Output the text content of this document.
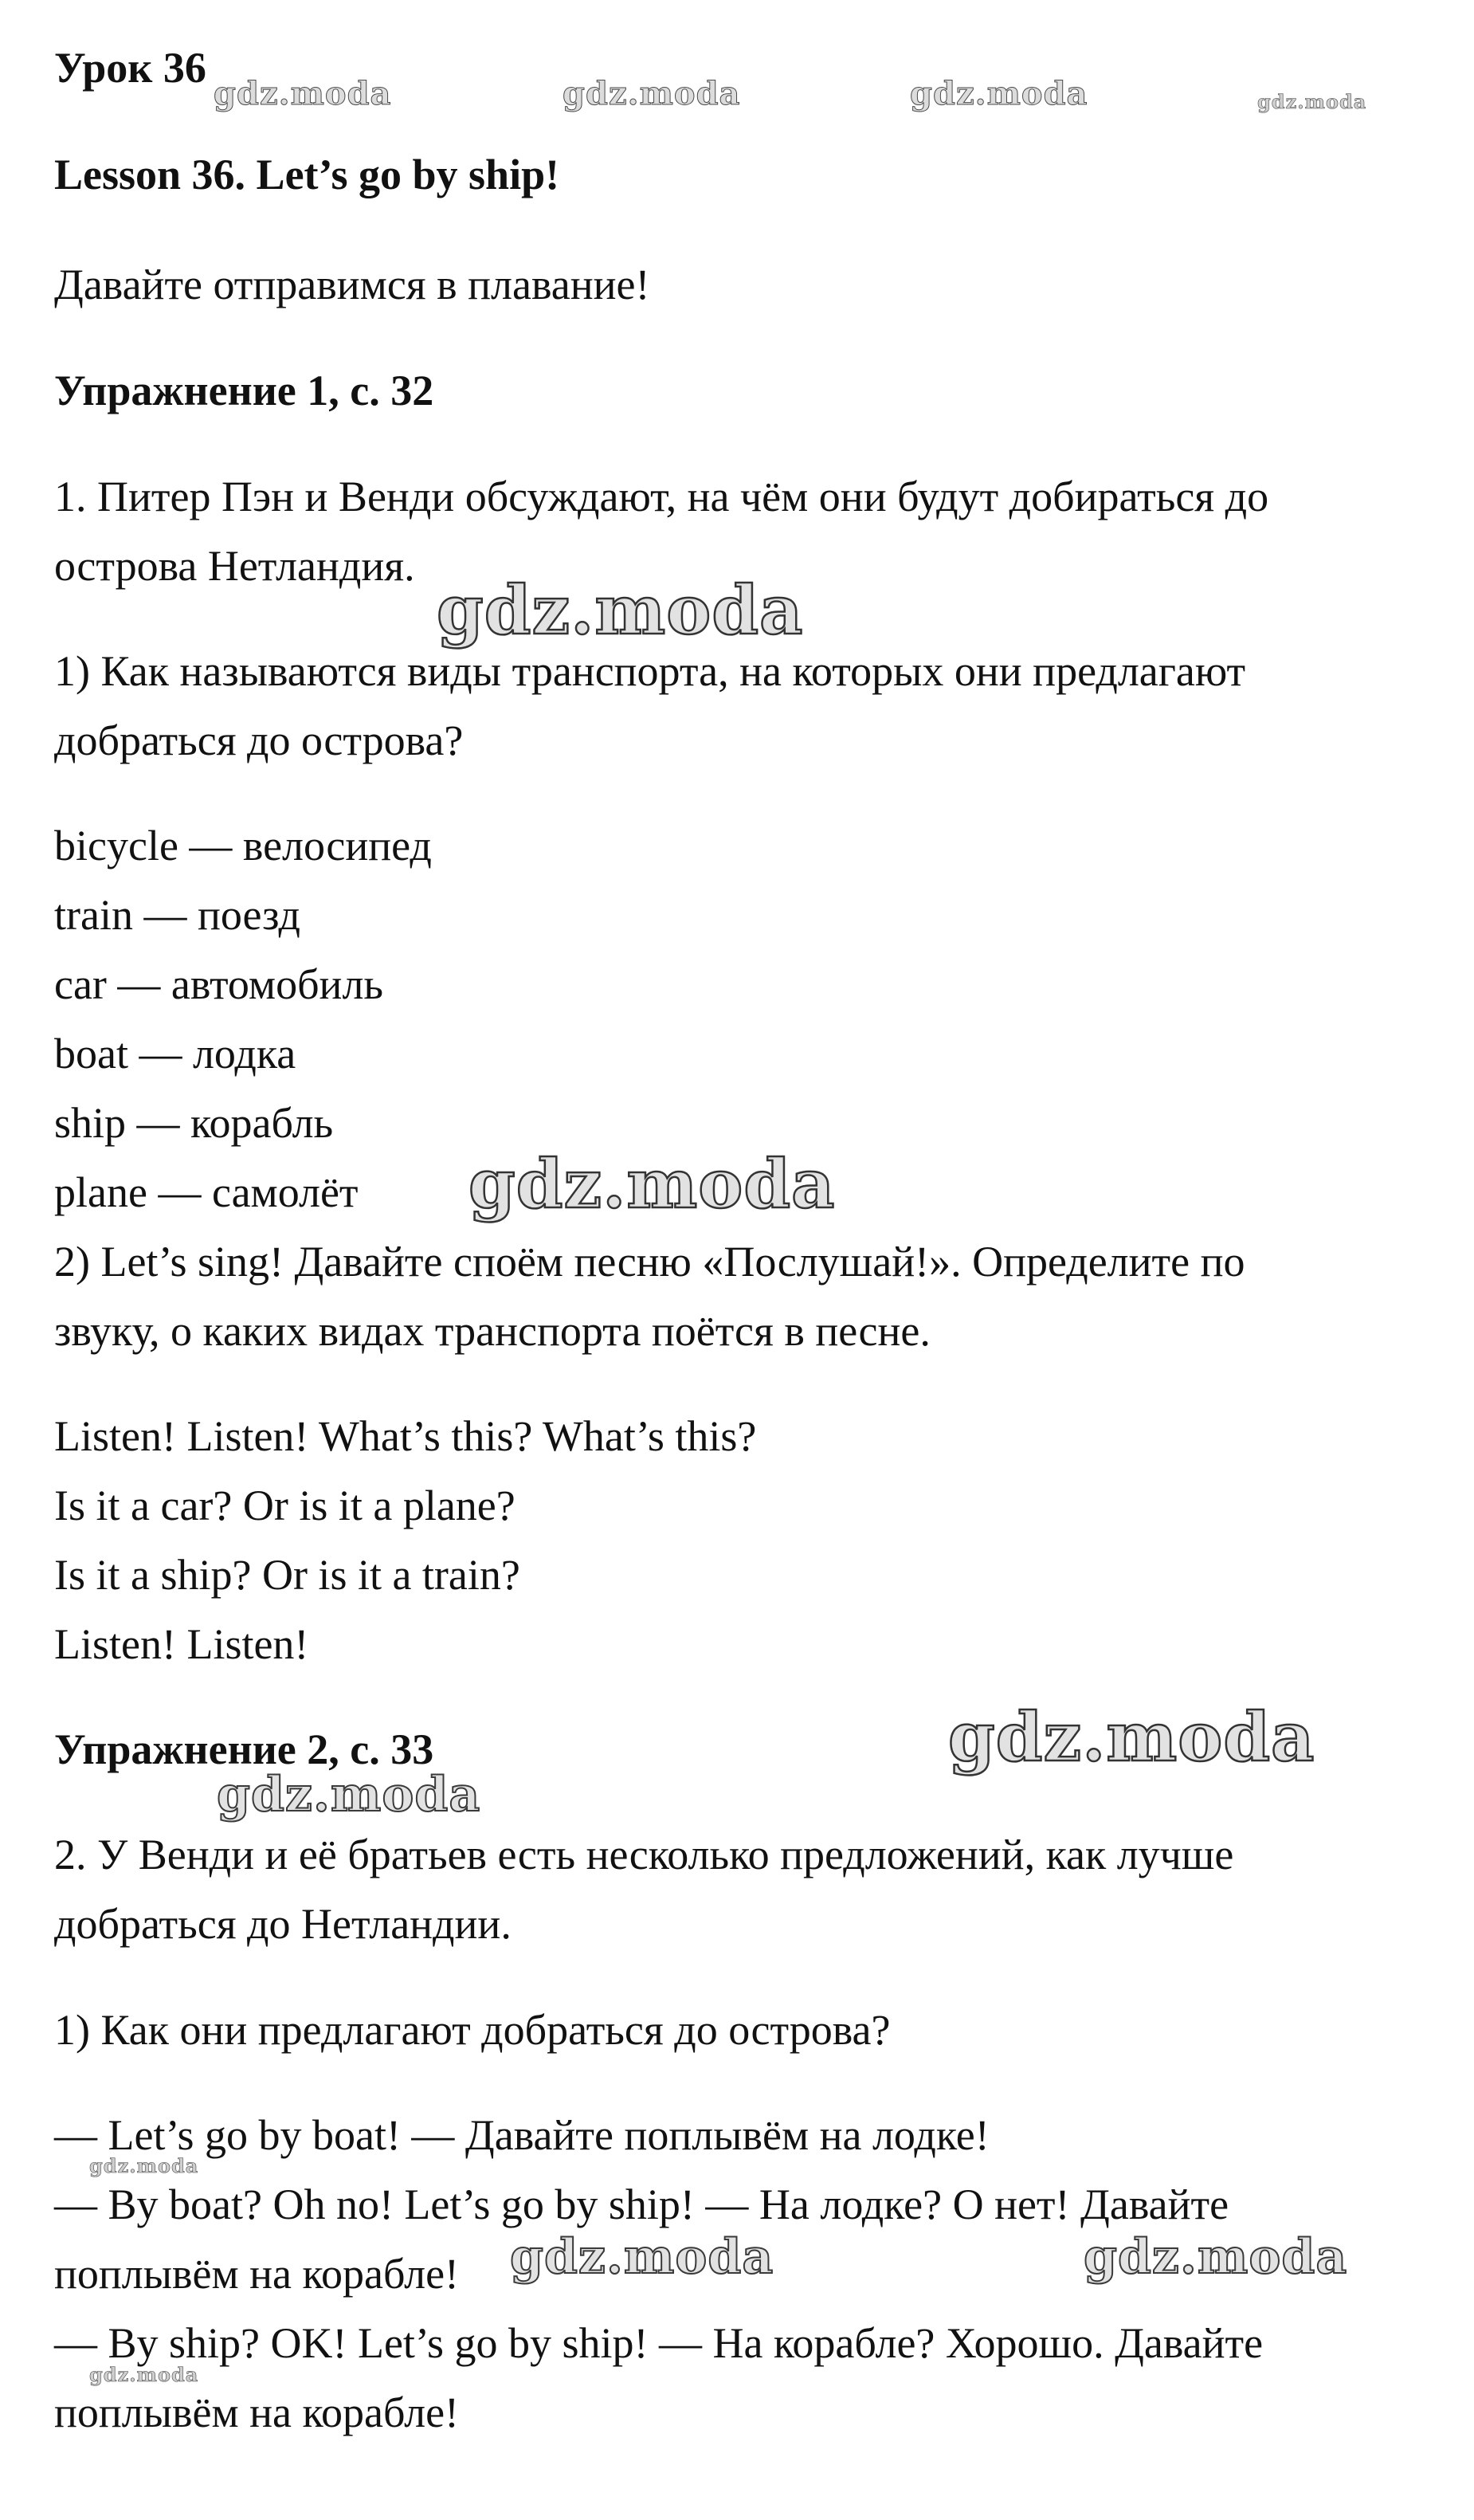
Урок 36
Lesson 36. Let’s go by ship!
Давайте отправимся в плавание!
Упражнение 1, с. 32
1. Питер Пэн и Венди обсуждают, на чём они будут добираться до
острова Нетландия.
1) Как называются виды транспорта, на которых они предлагают
добраться до острова?
bicycle — велосипед
train — поезд
car — автомобиль
boat — лодка
ship — корабль
plane — самолёт
2) Let’s sing! Давайте споём песню «Послушай!». Определите по
звуку, о каких видах транспорта поётся в песне.
Listen! Listen! What’s this? What’s this?
Is it a car? Or is it a plane?
Is it a ship? Or is it a train?
Listen! Listen!
Упражнение 2, с. 33
2. У Венди и её братьев есть несколько предложений, как лучше
добраться до Нетландии.
1) Как они предлагают добраться до острова?
— Let’s go by boat! — Давайте поплывём на лодке!
— By boat? Oh no! Let’s go by ship! — На лодке? О нет! Давайте
поплывём на корабле!
— By ship? OK! Let’s go by ship! — На корабле? Хорошо. Давайте
поплывём на корабле!
gdz.moda	gdz.moda	gdz.moda	gdz.moda
gdz.moda
gdz.moda
gdz.moda
gdz.moda
gdz.moda
gdz.moda	gdz.moda
gdz.moda
